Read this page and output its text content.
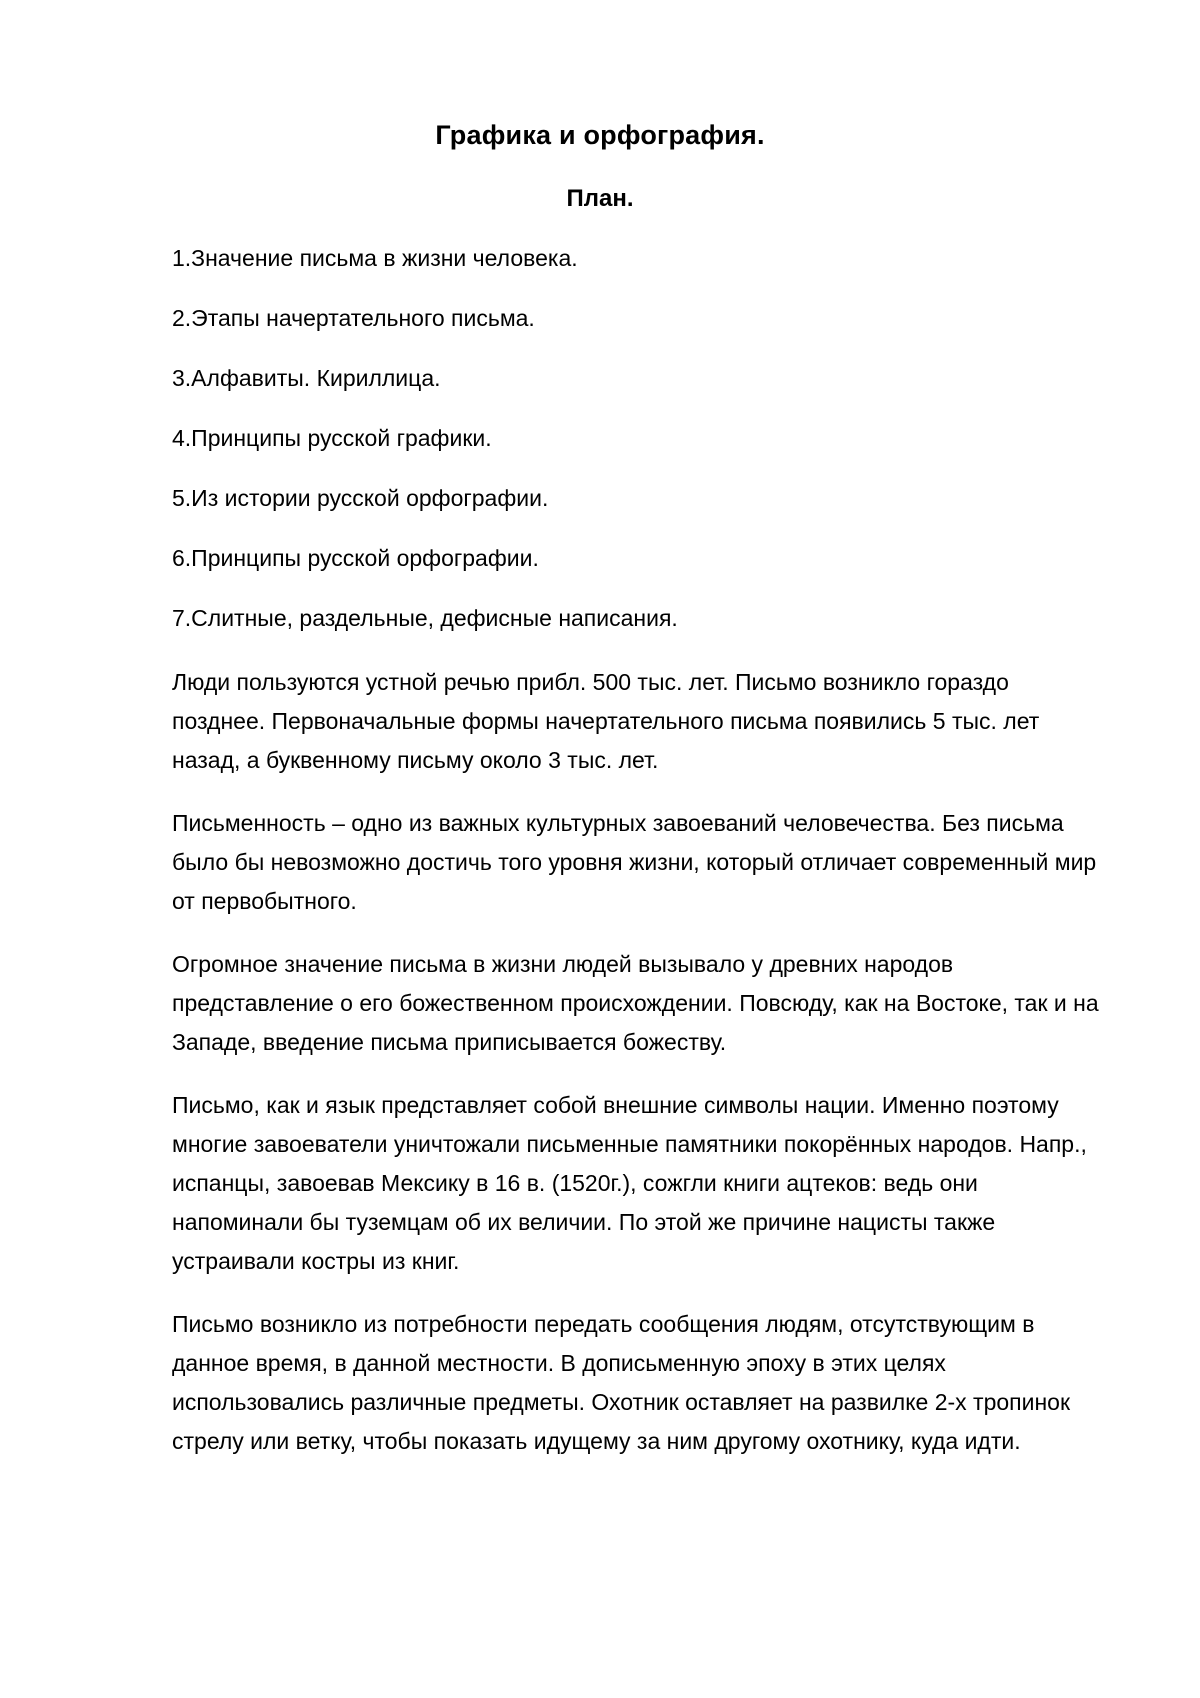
Графика и орфография.
План.
1.Значение письма в жизни человека.
2.Этапы начертательного письма.
3.Алфавиты. Кириллица.
4.Принципы русской графики.
5.Из истории русской орфографии.
6.Принципы русской орфографии.
7.Слитные, раздельные, дефисные написания.

Люди пользуются устной речью прибл. 500 тыс. лет. Письмо возникло гораздо позднее. Первоначальные формы начертательного письма появились 5 тыс. лет назад, а буквенному письму около 3 тыс. лет.

Письменность – одно из важных культурных завоеваний человечества. Без письма было бы невозможно достичь того уровня жизни, который отличает современный мир от первобытного.

Огромное значение письма в жизни людей вызывало у древних народов представление о его божественном происхождении. Повсюду, как на Востоке, так и на Западе, введение письма приписывается божеству.

Письмо, как и язык представляет собой внешние символы нации. Именно поэтому многие завоеватели уничтожали письменные памятники покорённых народов. Напр., испанцы, завоевав Мексику в 16 в. (1520г.), сожгли книги ацтеков: ведь они напоминали бы туземцам об их величии. По этой же причине нацисты также устраивали костры из книг.

Письмо возникло из потребности передать сообщения людям, отсутствующим в данное время, в данной местности. В дописьменную эпоху в этих целях использовались различные предметы. Охотник оставляет на развилке 2-х тропинок стрелу или ветку, чтобы показать идущему за ним другому охотнику, куда идти.
